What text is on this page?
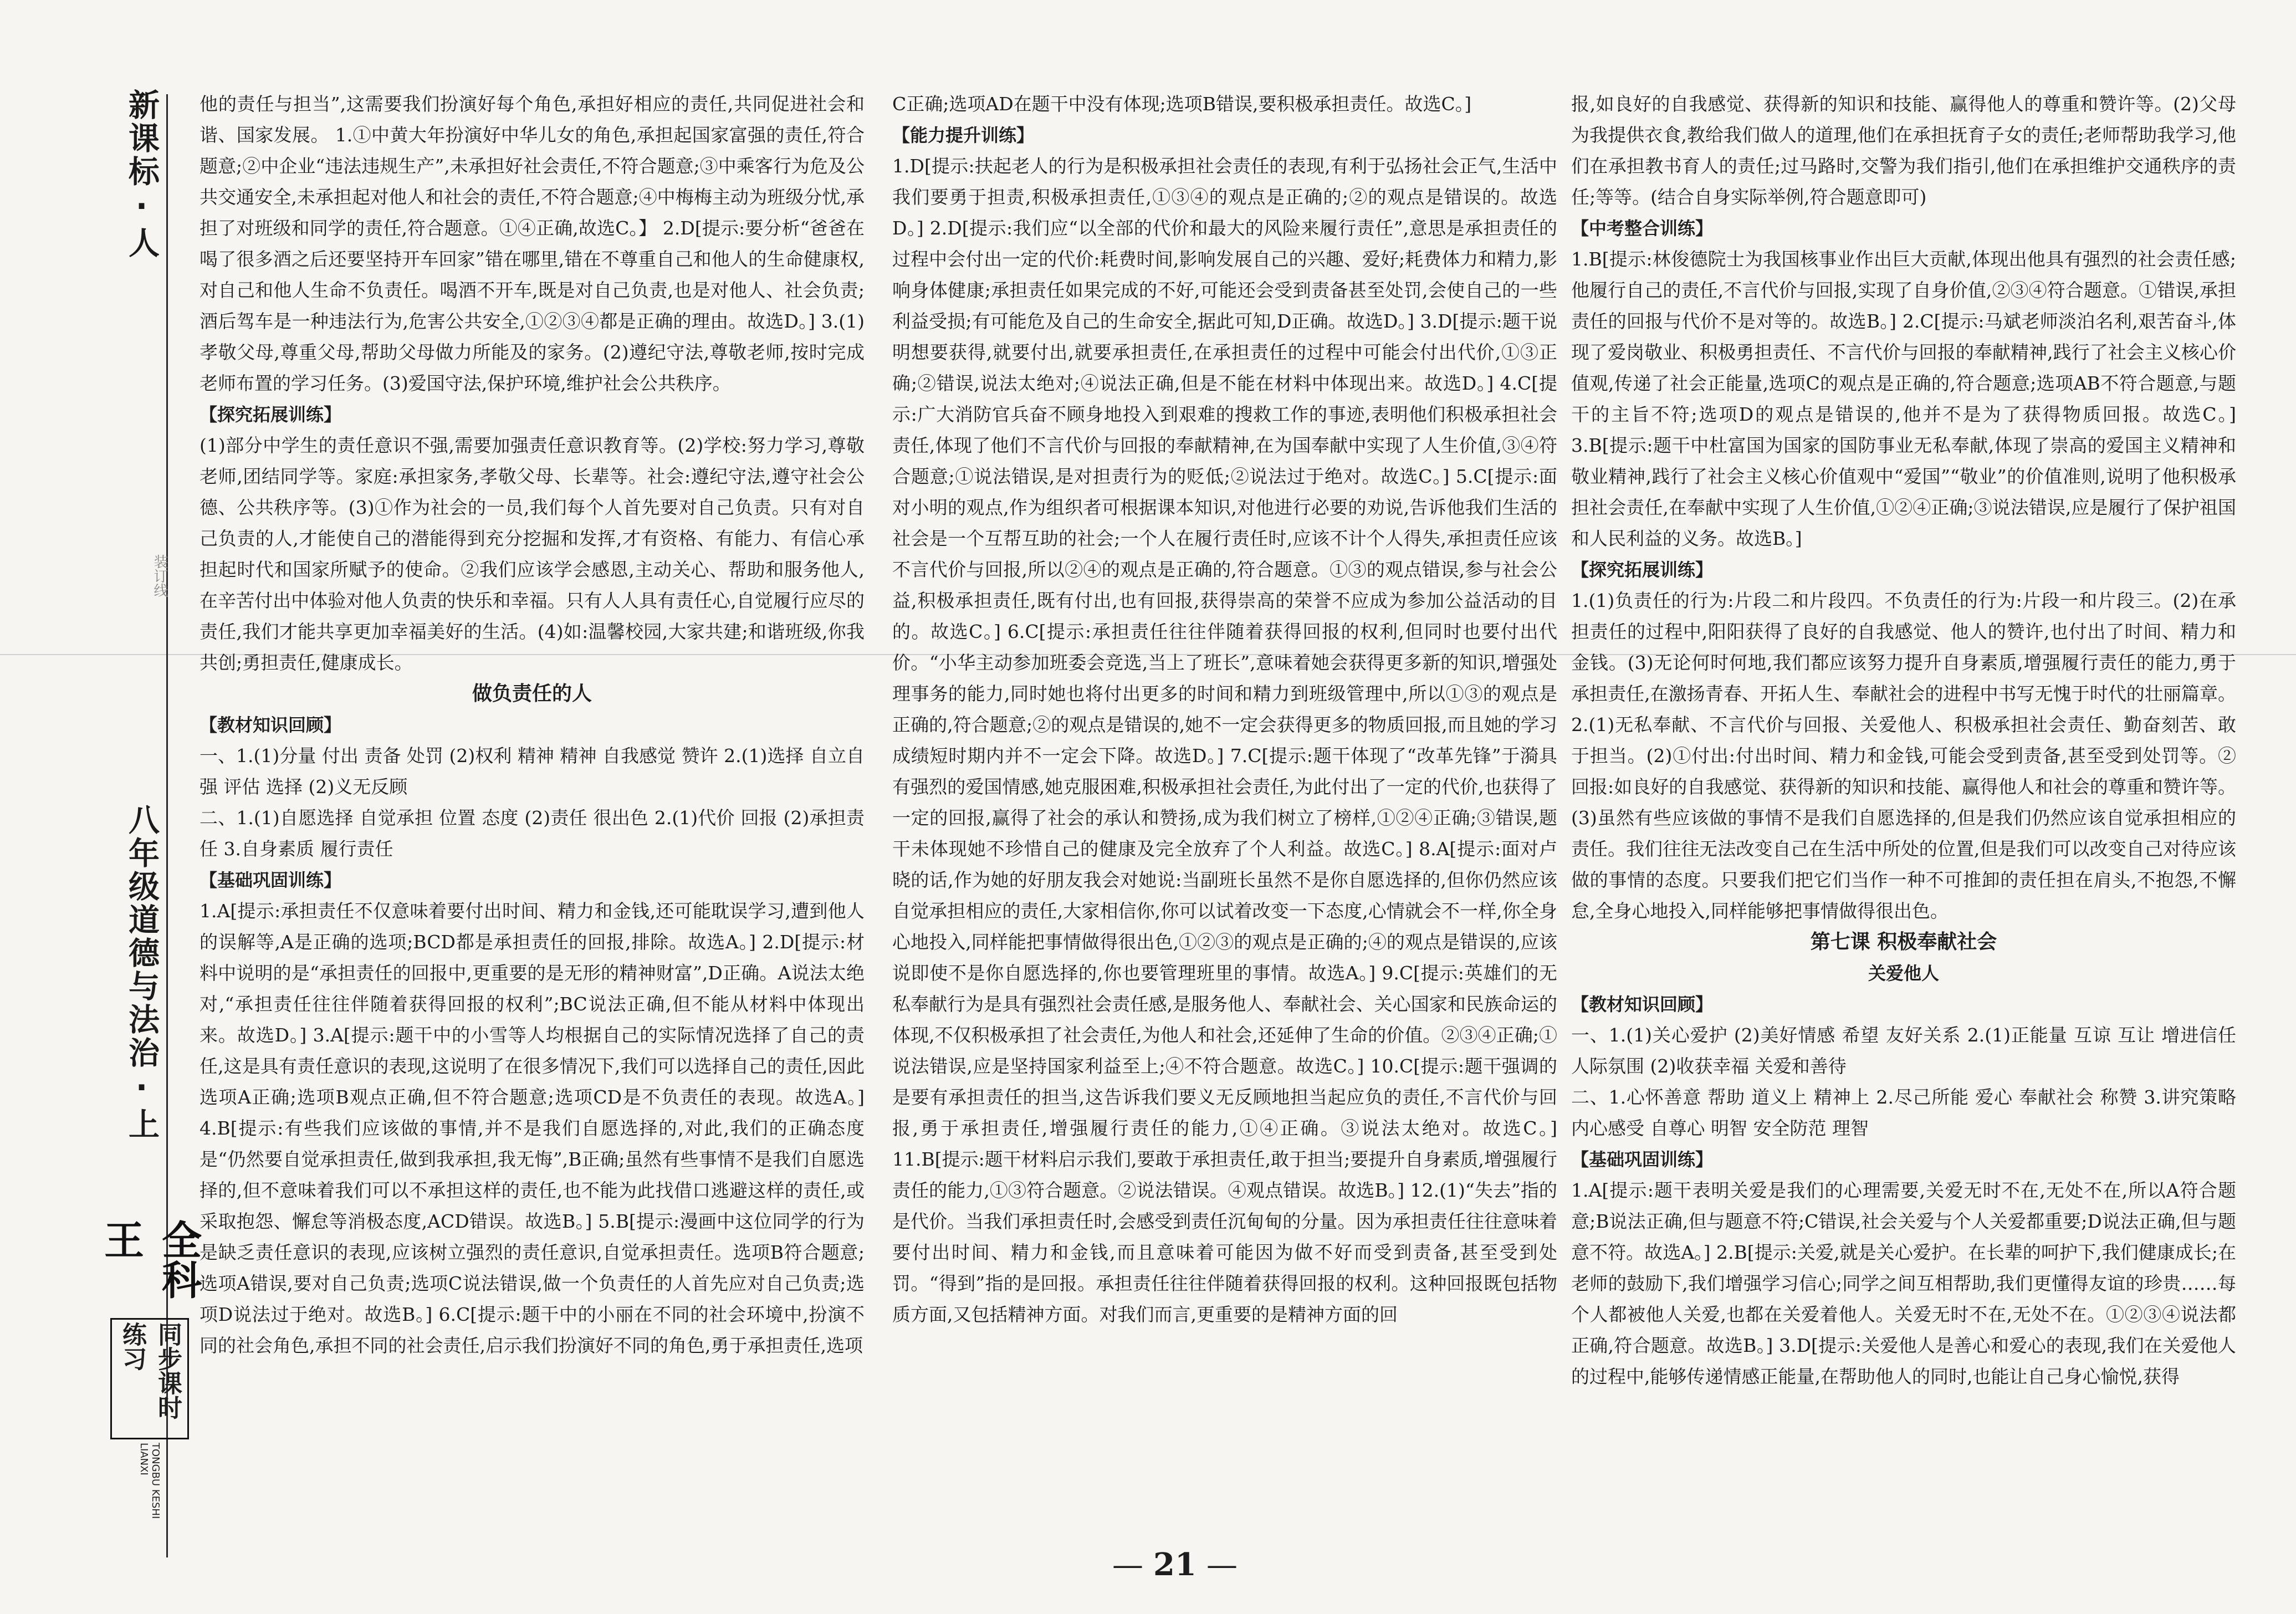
新课标·人
八年级道德与法治·上
装订线
全科王
同步课时练习
TONGBU KESHI LIANXI

他的责任与担当”,这需要我们扮演好每个角色,承担好相应的责任,共同促进社会和谐、国家发展。 1.①中黄大年扮演好中华儿女的角色,承担起国家富强的责任,符合题意;②中企业“违法违规生产”,未承担好社会责任,不符合题意;③中乘客行为危及公共交通安全,未承担起对他人和社会的责任,不符合题意;④中梅梅主动为班级分忧,承担了对班级和同学的责任,符合题意。①④正确,故选C。】 2.D[提示:要分析“爸爸在喝了很多酒之后还要坚持开车回家”错在哪里,错在不尊重自己和他人的生命健康权,对自己和他人生命不负责任。喝酒不开车,既是对自己负责,也是对他人、社会负责;酒后驾车是一种违法行为,危害公共安全,①②③④都是正确的理由。故选D。] 3.(1)孝敬父母,尊重父母,帮助父母做力所能及的家务。(2)遵纪守法,尊敬老师,按时完成老师布置的学习任务。(3)爱国守法,保护环境,维护社会公共秩序。

【探究拓展训练】

(1)部分中学生的责任意识不强,需要加强责任意识教育等。(2)学校:努力学习,尊敬老师,团结同学等。家庭:承担家务,孝敬父母、长辈等。社会:遵纪守法,遵守社会公德、公共秩序等。(3)①作为社会的一员,我们每个人首先要对自己负责。只有对自己负责的人,才能使自己的潜能得到充分挖掘和发挥,才有资格、有能力、有信心承担起时代和国家所赋予的使命。②我们应该学会感恩,主动关心、帮助和服务他人,在辛苦付出中体验对他人负责的快乐和幸福。只有人人具有责任心,自觉履行应尽的责任,我们才能共享更加幸福美好的生活。(4)如:温馨校园,大家共建;和谐班级,你我共创;勇担责任,健康成长。

做负责任的人

【教材知识回顾】

一、1.(1)分量 付出 责备 处罚 (2)权利 精神 精神 自我感觉 赞许 2.(1)选择 自立自强 评估 选择 (2)义无反顾

二、1.(1)自愿选择 自觉承担 位置 态度 (2)责任 很出色 2.(1)代价 回报 (2)承担责任 3.自身素质 履行责任

【基础巩固训练】

1.A[提示:承担责任不仅意味着要付出时间、精力和金钱,还可能耽误学习,遭到他人的误解等,A是正确的选项;BCD都是承担责任的回报,排除。故选A。] 2.D[提示:材料中说明的是“承担责任的回报中,更重要的是无形的精神财富”,D正确。A说法太绝对,“承担责任往往伴随着获得回报的权利”;BC说法正确,但不能从材料中体现出来。故选D。] 3.A[提示:题干中的小雪等人均根据自己的实际情况选择了自己的责任,这是具有责任意识的表现,这说明了在很多情况下,我们可以选择自己的责任,因此选项A正确;选项B观点正确,但不符合题意;选项CD是不负责任的表现。故选A。] 4.B[提示:有些我们应该做的事情,并不是我们自愿选择的,对此,我们的正确态度是“仍然要自觉承担责任,做到我承担,我无悔”,B正确;虽然有些事情不是我们自愿选择的,但不意味着我们可以不承担这样的责任,也不能为此找借口逃避这样的责任,或采取抱怨、懈怠等消极态度,ACD错误。故选B。] 5.B[提示:漫画中这位同学的行为是缺乏责任意识的表现,应该树立强烈的责任意识,自觉承担责任。选项B符合题意;选项A错误,要对自己负责;选项C说法错误,做一个负责任的人首先应对自己负责;选项D说法过于绝对。故选B。] 6.C[提示:题干中的小丽在不同的社会环境中,扮演不同的社会角色,承担不同的社会责任,启示我们扮演好不同的角色,勇于承担责任,选项

C正确;选项AD在题干中没有体现;选项B错误,要积极承担责任。故选C。]

【能力提升训练】

1.D[提示:扶起老人的行为是积极承担社会责任的表现,有利于弘扬社会正气,生活中我们要勇于担责,积极承担责任,①③④的观点是正确的;②的观点是错误的。故选D。] 2.D[提示:我们应“以全部的代价和最大的风险来履行责任”,意思是承担责任的过程中会付出一定的代价:耗费时间,影响发展自己的兴趣、爱好;耗费体力和精力,影响身体健康;承担责任如果完成的不好,可能还会受到责备甚至处罚,会使自己的一些利益受损;有可能危及自己的生命安全,据此可知,D正确。故选D。] 3.D[提示:题干说明想要获得,就要付出,就要承担责任,在承担责任的过程中可能会付出代价,①③正确;②错误,说法太绝对;④说法正确,但是不能在材料中体现出来。故选D。] 4.C[提示:广大消防官兵奋不顾身地投入到艰难的搜救工作的事迹,表明他们积极承担社会责任,体现了他们不言代价与回报的奉献精神,在为国奉献中实现了人生价值,③④符合题意;①说法错误,是对担责行为的贬低;②说法过于绝对。故选C。] 5.C[提示:面对小明的观点,作为组织者可根据课本知识,对他进行必要的劝说,告诉他我们生活的社会是一个互帮互助的社会;一个人在履行责任时,应该不计个人得失,承担责任应该不言代价与回报,所以②④的观点是正确的,符合题意。①③的观点错误,参与社会公益,积极承担责任,既有付出,也有回报,获得崇高的荣誉不应成为参加公益活动的目的。故选C。] 6.C[提示:承担责任往往伴随着获得回报的权利,但同时也要付出代价。“小华主动参加班委会竞选,当上了班长”,意味着她会获得更多新的知识,增强处理事务的能力,同时她也将付出更多的时间和精力到班级管理中,所以①③的观点是正确的,符合题意;②的观点是错误的,她不一定会获得更多的物质回报,而且她的学习成绩短时期内并不一定会下降。故选D。] 7.C[提示:题干体现了“改革先锋”于漪具有强烈的爱国情感,她克服困难,积极承担社会责任,为此付出了一定的代价,也获得了一定的回报,赢得了社会的承认和赞扬,成为我们树立了榜样,①②④正确;③错误,题干未体现她不珍惜自己的健康及完全放弃了个人利益。故选C。] 8.A[提示:面对卢晓的话,作为她的好朋友我会对她说:当副班长虽然不是你自愿选择的,但你仍然应该自觉承担相应的责任,大家相信你,你可以试着改变一下态度,心情就会不一样,你全身心地投入,同样能把事情做得很出色,①②③的观点是正确的;④的观点是错误的,应该说即使不是你自愿选择的,你也要管理班里的事情。故选A。] 9.C[提示:英雄们的无私奉献行为是具有强烈社会责任感,是服务他人、奉献社会、关心国家和民族命运的体现,不仅积极承担了社会责任,为他人和社会,还延伸了生命的价值。②③④正确;①说法错误,应是坚持国家利益至上;④不符合题意。故选C。] 10.C[提示:题干强调的是要有承担责任的担当,这告诉我们要义无反顾地担当起应负的责任,不言代价与回报,勇于承担责任,增强履行责任的能力,①④正确。③说法太绝对。故选C。] 11.B[提示:题干材料启示我们,要敢于承担责任,敢于担当;要提升自身素质,增强履行责任的能力,①③符合题意。②说法错误。④观点错误。故选B。] 12.(1)“失去”指的是代价。当我们承担责任时,会感受到责任沉甸甸的分量。因为承担责任往往意味着要付出时间、精力和金钱,而且意味着可能因为做不好而受到责备,甚至受到处罚。“得到”指的是回报。承担责任往往伴随着获得回报的权利。这种回报既包括物质方面,又包括精神方面。对我们而言,更重要的是精神方面的回

报,如良好的自我感觉、获得新的知识和技能、赢得他人的尊重和赞许等。(2)父母为我提供衣食,教给我们做人的道理,他们在承担抚育子女的责任;老师帮助我学习,他们在承担教书育人的责任;过马路时,交警为我们指引,他们在承担维护交通秩序的责任;等等。(结合自身实际举例,符合题意即可)

【中考整合训练】

1.B[提示:林俊德院士为我国核事业作出巨大贡献,体现出他具有强烈的社会责任感;他履行自己的责任,不言代价与回报,实现了自身价值,②③④符合题意。①错误,承担责任的回报与代价不是对等的。故选B。] 2.C[提示:马斌老师淡泊名利,艰苦奋斗,体现了爱岗敬业、积极勇担责任、不言代价与回报的奉献精神,践行了社会主义核心价值观,传递了社会正能量,选项C的观点是正确的,符合题意;选项AB不符合题意,与题干的主旨不符;选项D的观点是错误的,他并不是为了获得物质回报。故选C。] 3.B[提示:题干中杜富国为国家的国防事业无私奉献,体现了崇高的爱国主义精神和敬业精神,践行了社会主义核心价值观中“爱国”“敬业”的价值准则,说明了他积极承担社会责任,在奉献中实现了人生价值,①②④正确;③说法错误,应是履行了保护祖国和人民利益的义务。故选B。]

【探究拓展训练】

1.(1)负责任的行为:片段二和片段四。不负责任的行为:片段一和片段三。(2)在承担责任的过程中,阳阳获得了良好的自我感觉、他人的赞许,也付出了时间、精力和金钱。(3)无论何时何地,我们都应该努力提升自身素质,增强履行责任的能力,勇于承担责任,在激扬青春、开拓人生、奉献社会的进程中书写无愧于时代的壮丽篇章。 2.(1)无私奉献、不言代价与回报、关爱他人、积极承担社会责任、勤奋刻苦、敢于担当。(2)①付出:付出时间、精力和金钱,可能会受到责备,甚至受到处罚等。②回报:如良好的自我感觉、获得新的知识和技能、赢得他人和社会的尊重和赞许等。(3)虽然有些应该做的事情不是我们自愿选择的,但是我们仍然应该自觉承担相应的责任。我们往往无法改变自己在生活中所处的位置,但是我们可以改变自己对待应该做的事情的态度。只要我们把它们当作一种不可推卸的责任担在肩头,不抱怨,不懈怠,全身心地投入,同样能够把事情做得很出色。

第七课 积极奉献社会

关爱他人

【教材知识回顾】

一、1.(1)关心爱护 (2)美好情感 希望 友好关系 2.(1)正能量 互谅 互让 增进信任 人际氛围 (2)收获幸福 关爱和善待

二、1.心怀善意 帮助 道义上 精神上 2.尽己所能 爱心 奉献社会 称赞 3.讲究策略 内心感受 自尊心 明智 安全防范 理智

【基础巩固训练】

1.A[提示:题干表明关爱是我们的心理需要,关爱无时不在,无处不在,所以A符合题意;B说法正确,但与题意不符;C错误,社会关爱与个人关爱都重要;D说法正确,但与题意不符。故选A。] 2.B[提示:关爱,就是关心爱护。在长辈的呵护下,我们健康成长;在老师的鼓励下,我们增强学习信心;同学之间互相帮助,我们更懂得友谊的珍贵……每个人都被他人关爱,也都在关爱着他人。关爱无时不在,无处不在。①②③④说法都正确,符合题意。故选B。] 3.D[提示:关爱他人是善心和爱心的表现,我们在关爱他人的过程中,能够传递情感正能量,在帮助他人的同时,也能让自己身心愉悦,获得

— 21 —
